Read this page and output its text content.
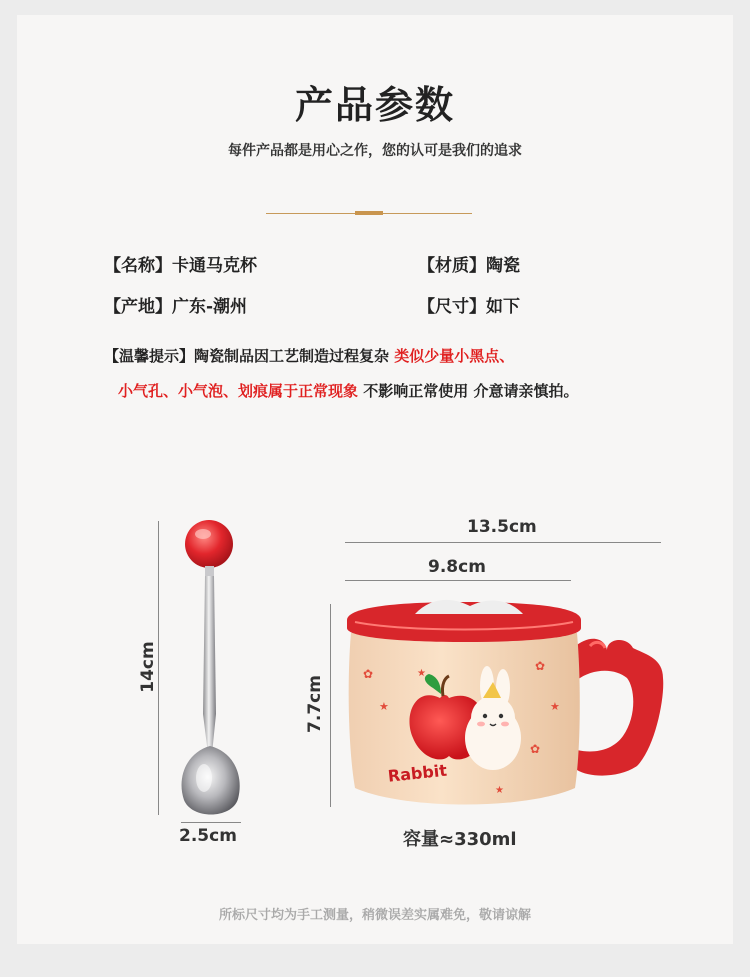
产品参数
每件产品都是用心之作，您的认可是我们的追求
【名称】卡通马克杯	【材质】陶瓷
【产地】广东-潮州	【尺寸】如下
【温馨提示】陶瓷制品因工艺制造过程复杂 类似少量小黑点、
小气孔、小气泡、划痕属于正常现象 不影响正常使用 介意请亲慎拍。
14cm
2.5cm
13.5cm
9.8cm
7.7cm
✿
★
✿
★
✿
★
★
Rabbit
容量≈330ml
所标尺寸均为手工测量，稍微误差实属难免，敬请谅解
